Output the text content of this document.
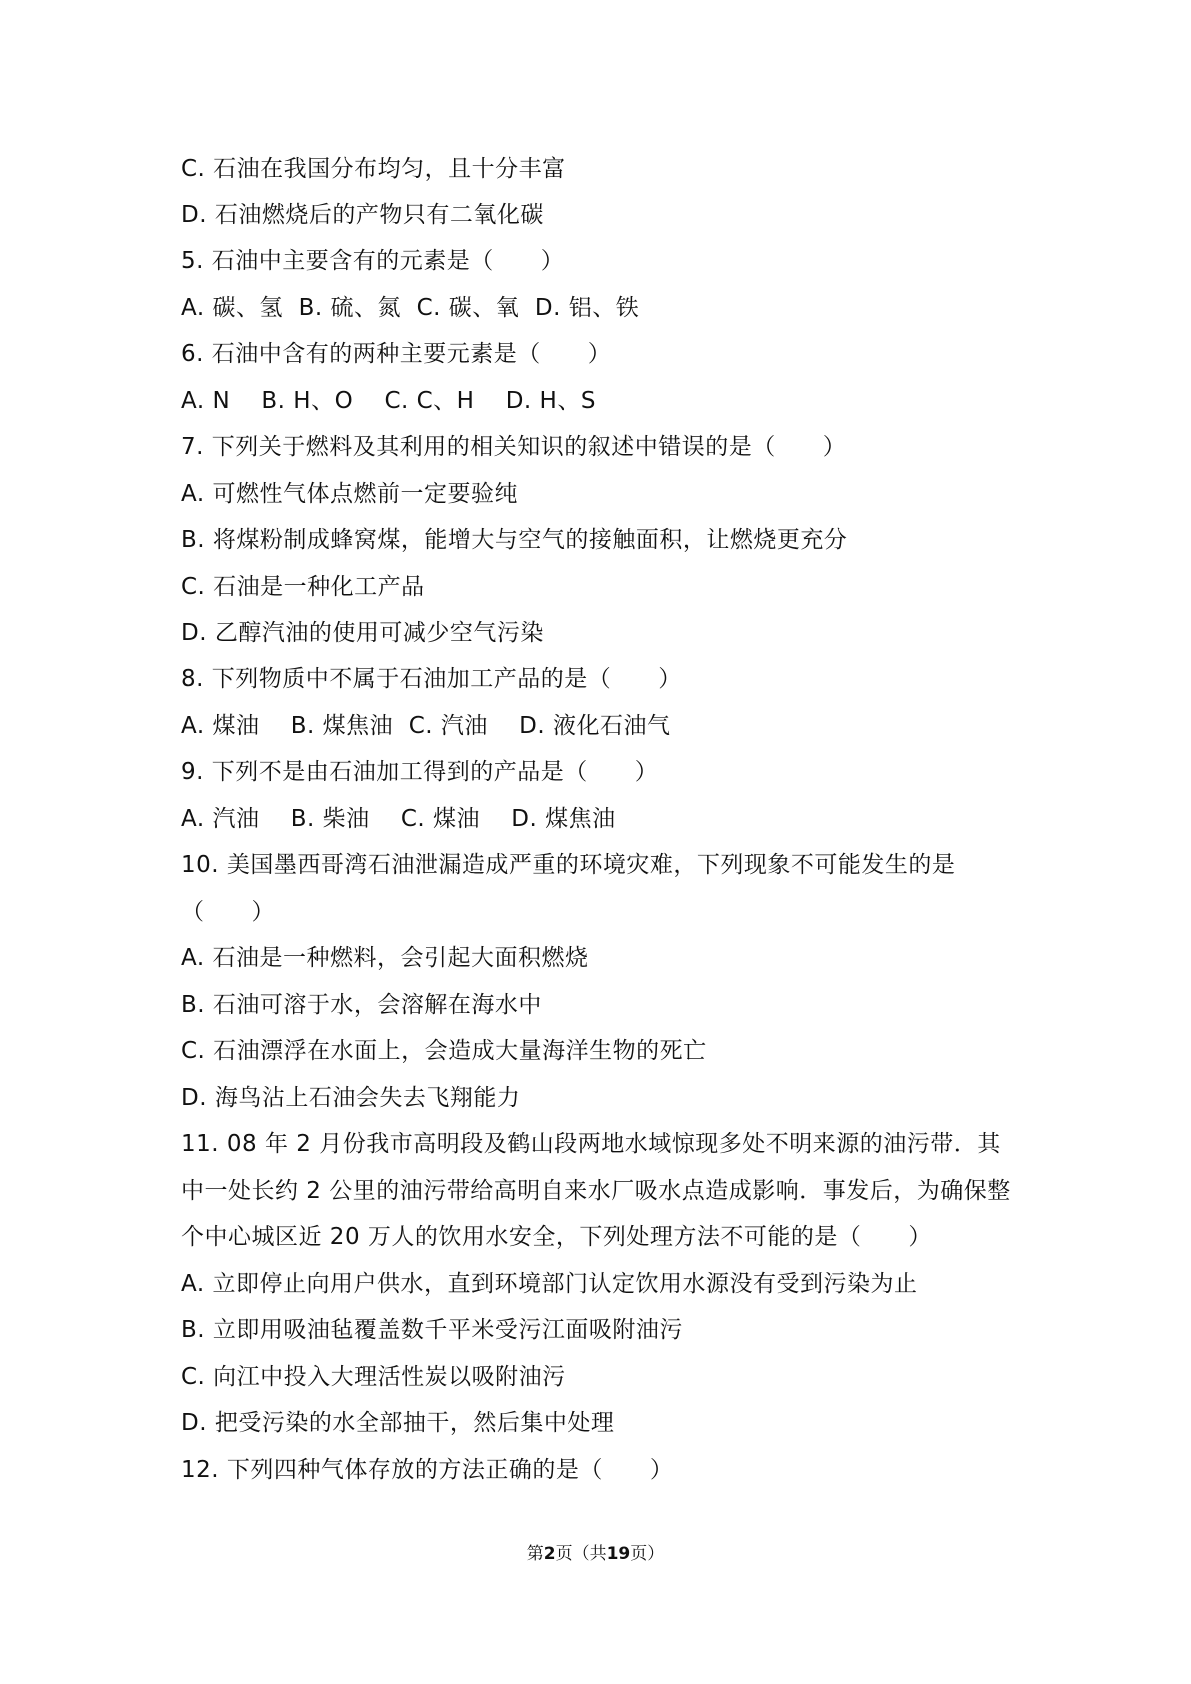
C. 石油在我国分布均匀，且十分丰富
D. 石油燃烧后的产物只有二氧化碳
5. 石油中主要含有的元素是（　　）
A. 碳、氢  B. 硫、氮  C. 碳、氧  D. 铝、铁
6. 石油中含有的两种主要元素是（　　）
A. N    B. H、O    C. C、H    D. H、S
7. 下列关于燃料及其利用的相关知识的叙述中错误的是（　　）
A. 可燃性气体点燃前一定要验纯
B. 将煤粉制成蜂窝煤，能增大与空气的接触面积，让燃烧更充分
C. 石油是一种化工产品
D. 乙醇汽油的使用可减少空气污染
8. 下列物质中不属于石油加工产品的是（　　）
A. 煤油    B. 煤焦油  C. 汽油    D. 液化石油气
9. 下列不是由石油加工得到的产品是（　　）
A. 汽油    B. 柴油    C. 煤油    D. 煤焦油
10. 美国墨西哥湾石油泄漏造成严重的环境灾难，下列现象不可能发生的是
（　　）
A. 石油是一种燃料，会引起大面积燃烧
B. 石油可溶于水，会溶解在海水中
C. 石油漂浮在水面上，会造成大量海洋生物的死亡
D. 海鸟沾上石油会失去飞翔能力
11. 08 年 2 月份我市高明段及鹤山段两地水域惊现多处不明来源的油污带．其
中一处长约 2 公里的油污带给高明自来水厂吸水点造成影响．事发后，为确保整
个中心城区近 20 万人的饮用水安全，下列处理方法不可能的是（　　）
A. 立即停止向用户供水，直到环境部门认定饮用水源没有受到污染为止
B. 立即用吸油毡覆盖数千平米受污江面吸附油污
C. 向江中投入大理活性炭以吸附油污
D. 把受污染的水全部抽干，然后集中处理
12. 下列四种气体存放的方法正确的是（　　）
第2页（共19页）
